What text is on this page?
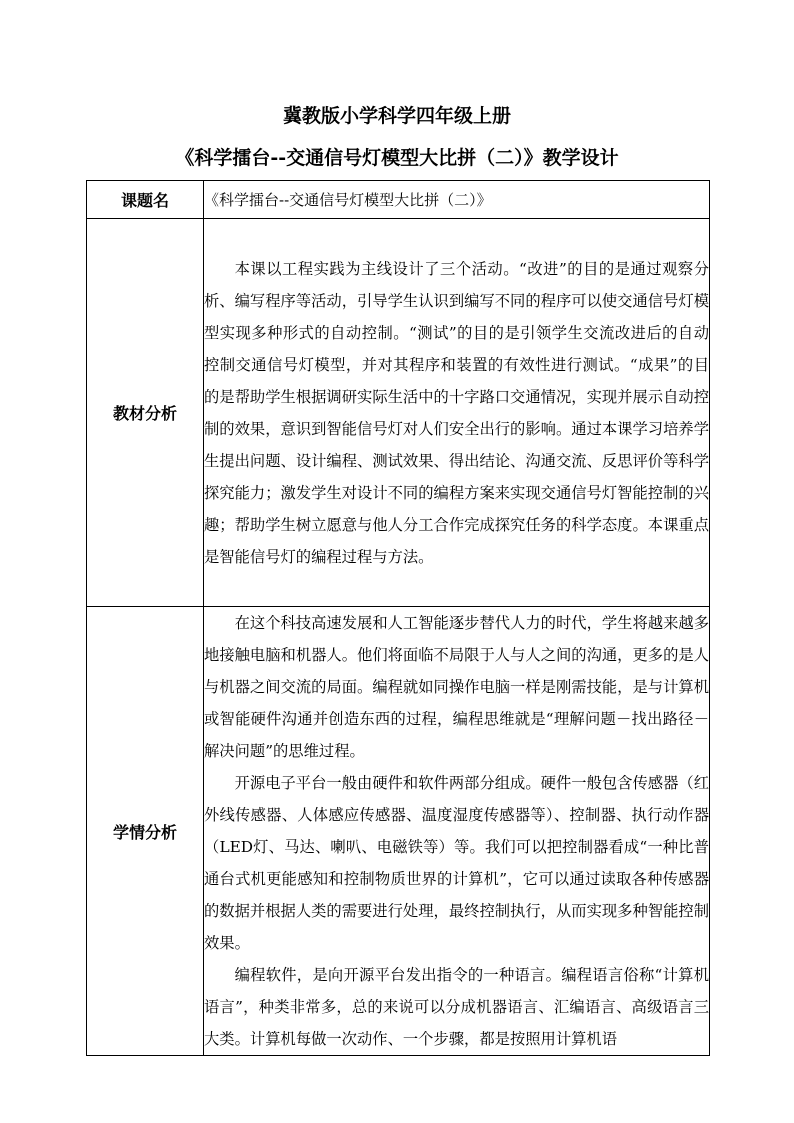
冀教版小学科学四年级上册
《科学擂台--交通信号灯模型大比拼（二）》教学设计
课题名	《科学擂台--交通信号灯模型大比拼（二）》
教材分析	本课以工程实践为主线设计了三个活动。“改进”的目的是通过观察分析、编写程序等活动，引导学生认识到编写不同的程序可以使交通信号灯模型实现多种形式的自动控制。“测试”的目的是引领学生交流改进后的自动控制交通信号灯模型，并对其程序和装置的有效性进行测试。“成果”的目的是帮助学生根据调研实际生活中的十字路口交通情况，实现并展示自动控制的效果，意识到智能信号灯对人们安全出行的影响。通过本课学习培养学生提出问题、设计编程、测试效果、得出结论、沟通交流、反思评价等科学探究能力；激发学生对设计不同的编程方案来实现交通信号灯智能控制的兴趣；帮助学生树立愿意与他人分工合作完成探究任务的科学态度。本课重点是智能信号灯的编程过程与方法。

学情分析	在这个科技高速发展和人工智能逐步替代人力的时代，学生将越来越多地接触电脑和机器人。他们将面临不局限于人与人之间的沟通，更多的是人与机器之间交流的局面。编程就如同操作电脑一样是刚需技能，是与计算机或智能硬件沟通并创造东西的过程，编程思维就是“理解问题－找出路径－解决问题”的思维过程。

开源电子平台一般由硬件和软件两部分组成。硬件一般包含传感器（红外线传感器、人体感应传感器、温度湿度传感器等）、控制器、执行动作器（LED灯、马达、喇叭、电磁铁等）等。我们可以把控制器看成“一种比普通台式机更能感知和控制物质世界的计算机”，它可以通过读取各种传感器的数据并根据人类的需要进行处理，最终控制执行，从而实现多种智能控制效果。

编程软件，是向开源平台发出指令的一种语言。编程语言俗称“计算机语言”，种类非常多，总的来说可以分成机器语言、汇编语言、高级语言三大类。计算机每做一次动作、一个步骤，都是按照用计算机语
